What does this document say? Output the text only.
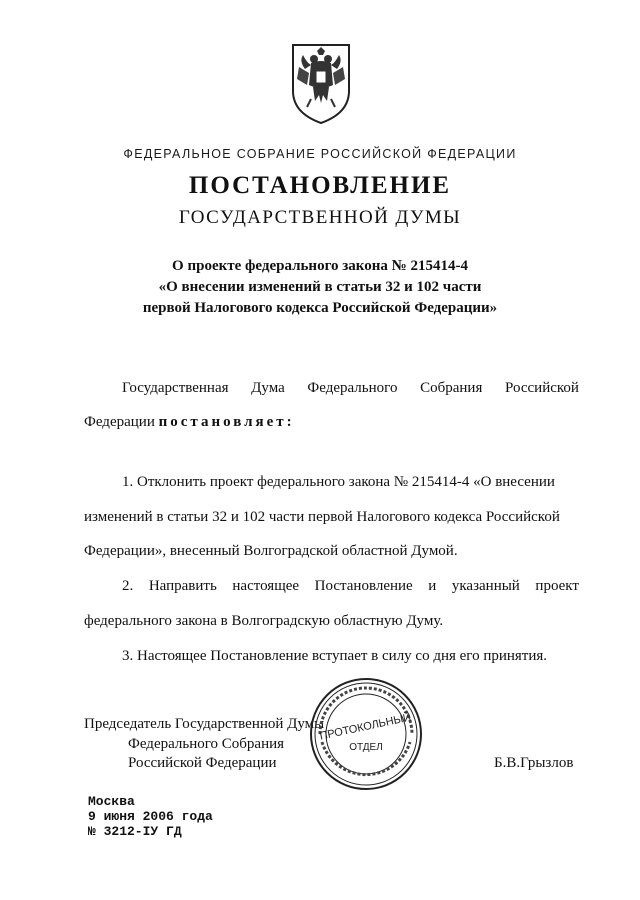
ФЕДЕРАЛЬНОЕ СОБРАНИЕ РОССИЙСКОЙ ФЕДЕРАЦИИ
ПОСТАНОВЛЕНИЕ
ГОСУДАРСТВЕННОЙ ДУМЫ
О проекте федерального закона № 215414-4
«О внесении изменений в статьи 32 и 102 части
первой Налогового кодекса Российской Федерации»
Государственная Дума Федерального Собрания Российской
Федерации постановляет:
1. Отклонить проект федерального закона № 215414-4 «О внесении
изменений в статьи 32 и 102 части первой Налогового кодекса Российской
Федерации», внесенный Волгоградской областной Думой.
2. Направить настоящее Постановление и указанный проект
федерального закона в Волгоградскую областную Думу.
3. Настоящее Постановление вступает в силу со дня его принятия.
Председатель Государственной Думы
Федерального Собрания
Российской Федерации	Б.В.Грызлов
ПРОТОКОЛЬНЫЙ
ОТДЕЛ
Москва
9 июня 2006 года
№ 3212-IУ ГД
